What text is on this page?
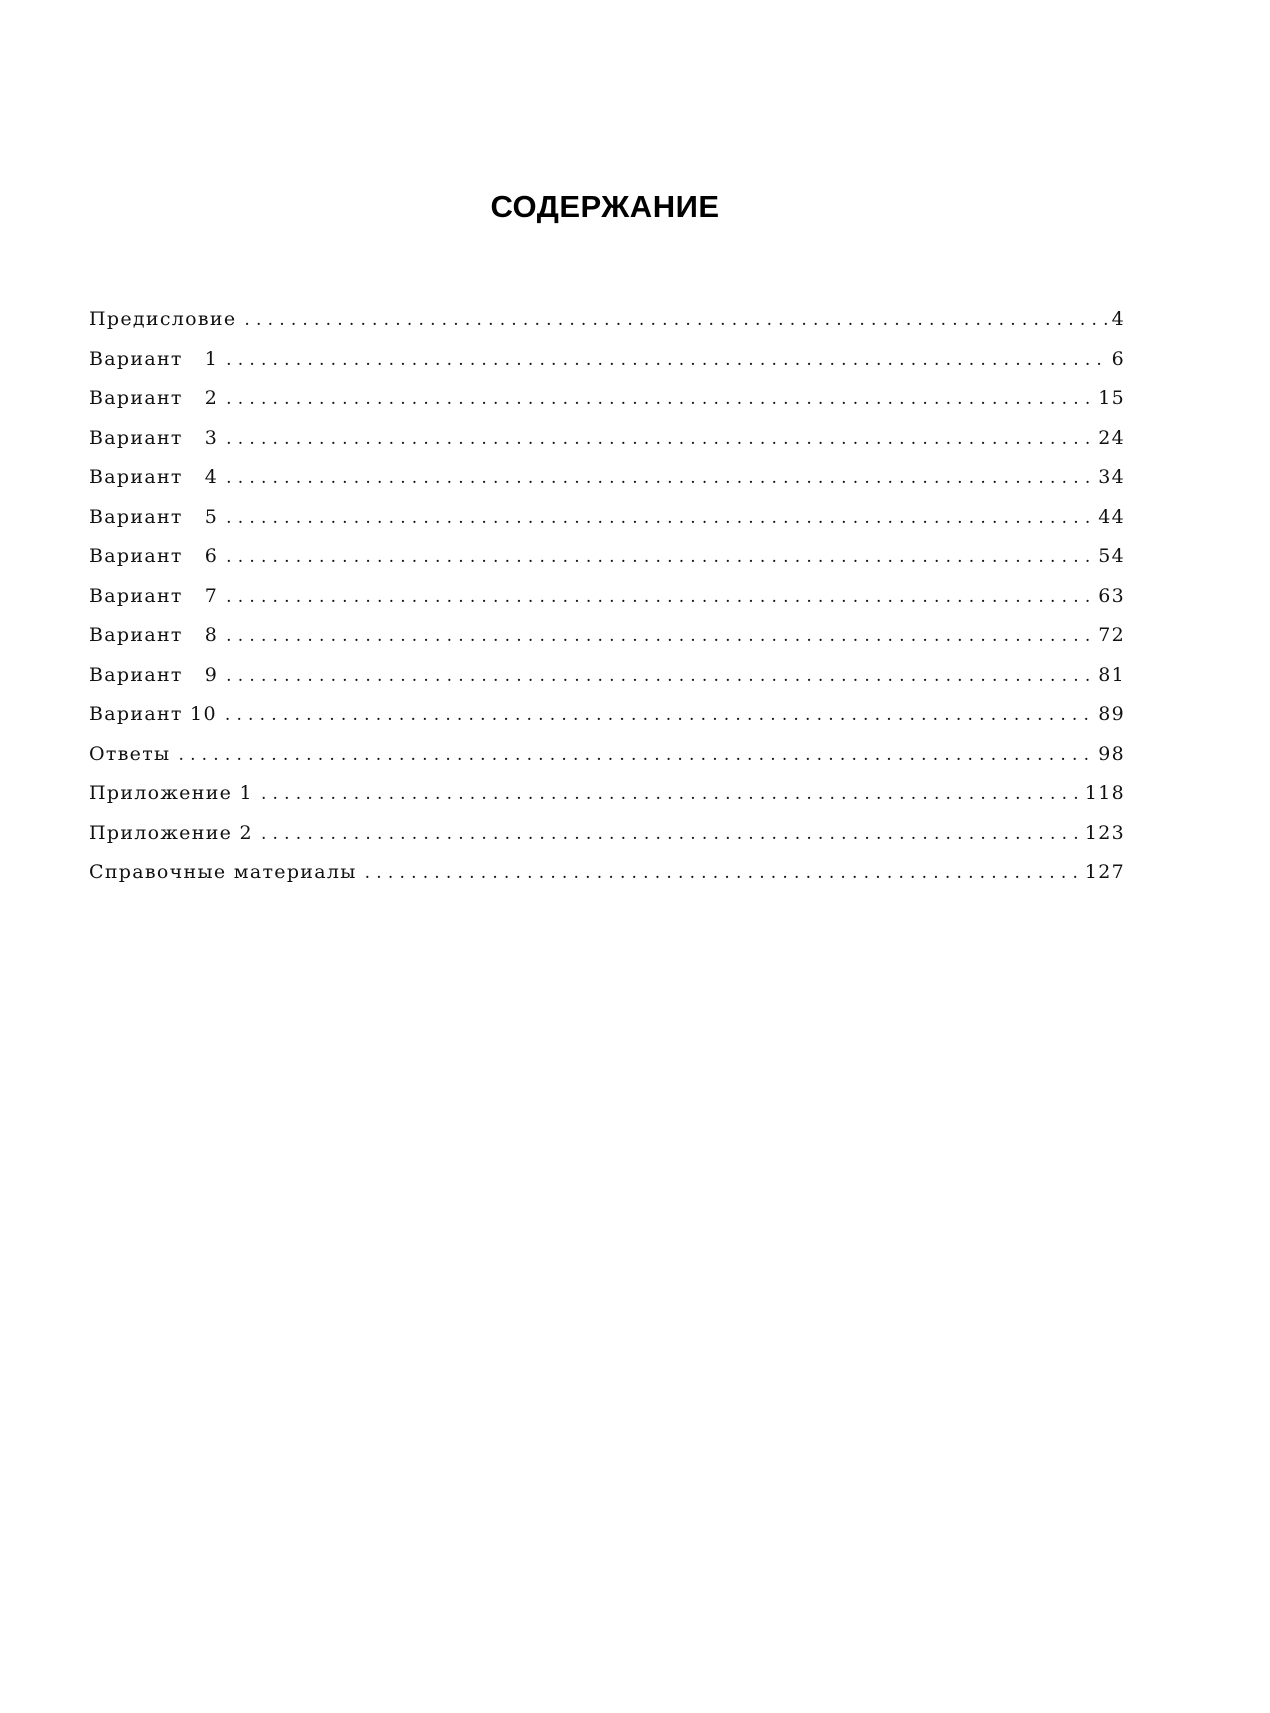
СОДЕРЖАНИЕ
Предисловие .....	4
Вариант   1 .....	6
Вариант   2 .....	15
Вариант   3 .....	24
Вариант   4 .....	34
Вариант   5 .....	44
Вариант   6 .....	54
Вариант   7 .....	63
Вариант   8 .....	72
Вариант   9 .....	81
Вариант 10 .....	89
Ответы .....	98
Приложение 1 .....	118
Приложение 2 .....	123
Справочные материалы .....	127
